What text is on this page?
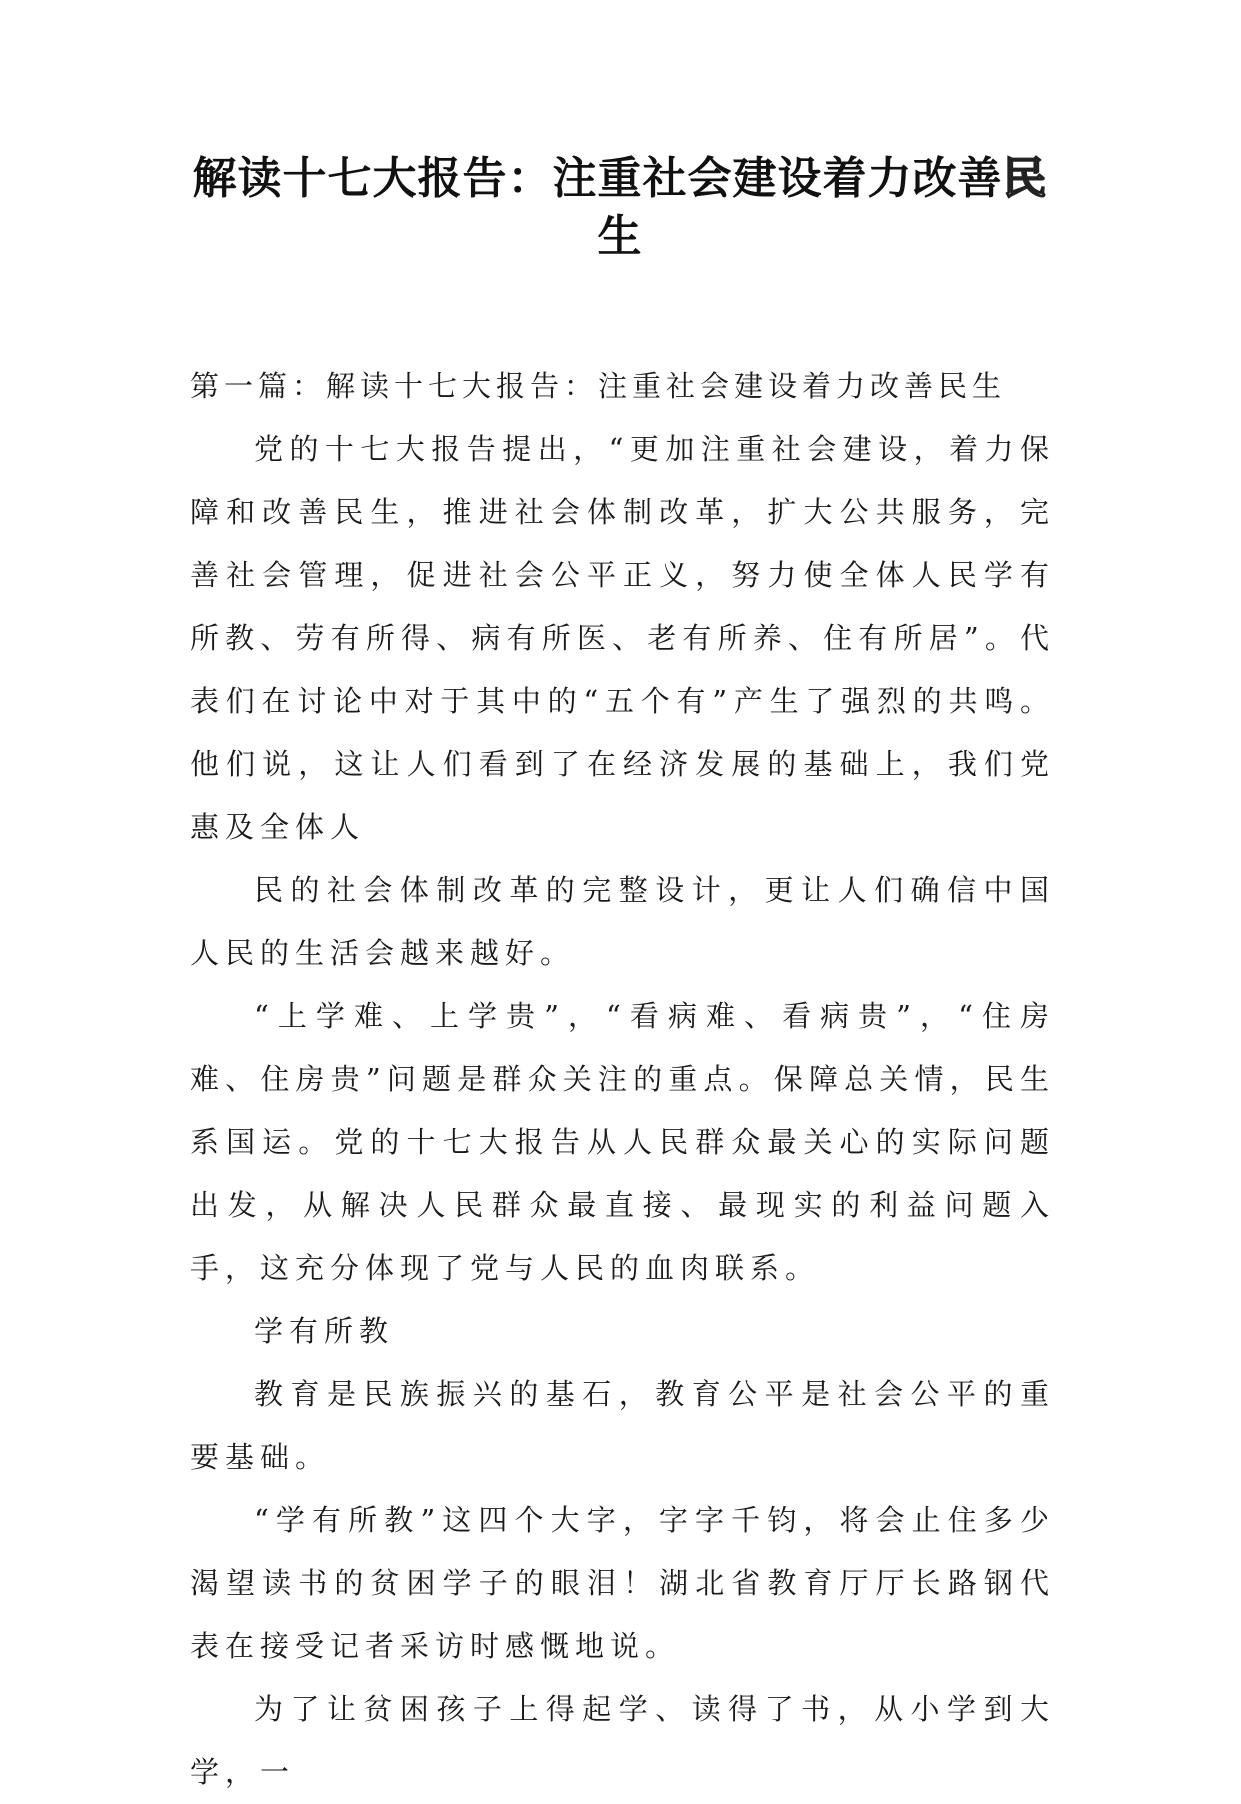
解读十七大报告：注重社会建设着力改善民
生

第一篇：解读十七大报告：注重社会建设着力改善民生

党的十七大报告提出，“更加注重社会建设，着力保障和改善民生，推进社会体制改革，扩大公共服务，完善社会管理，促进社会公平正义，努力使全体人民学有所教、劳有所得、病有所医、老有所养、住有所居”。代表们在讨论中对于其中的“五个有”产生了强烈的共鸣。他们说，这让人们看到了在经济发展的基础上，我们党惠及全体人

民的社会体制改革的完整设计，更让人们确信中国人民的生活会越来越好。

“上学难、上学贵”，“看病难、看病贵”，“住房难、住房贵”问题是群众关注的重点。保障总关情，民生系国运。党的十七大报告从人民群众最关心的实际问题出发，从解决人民群众最直接、最现实的利益问题入手，这充分体现了党与人民的血肉联系。

学有所教

教育是民族振兴的基石，教育公平是社会公平的重要基础。

“学有所教”这四个大字，字字千钧，将会止住多少渴望读书的贫困学子的眼泪！湖北省教育厅厅长路钢代表在接受记者采访时感慨地说。

为了让贫困孩子上得起学、读得了书，从小学到大学，一
